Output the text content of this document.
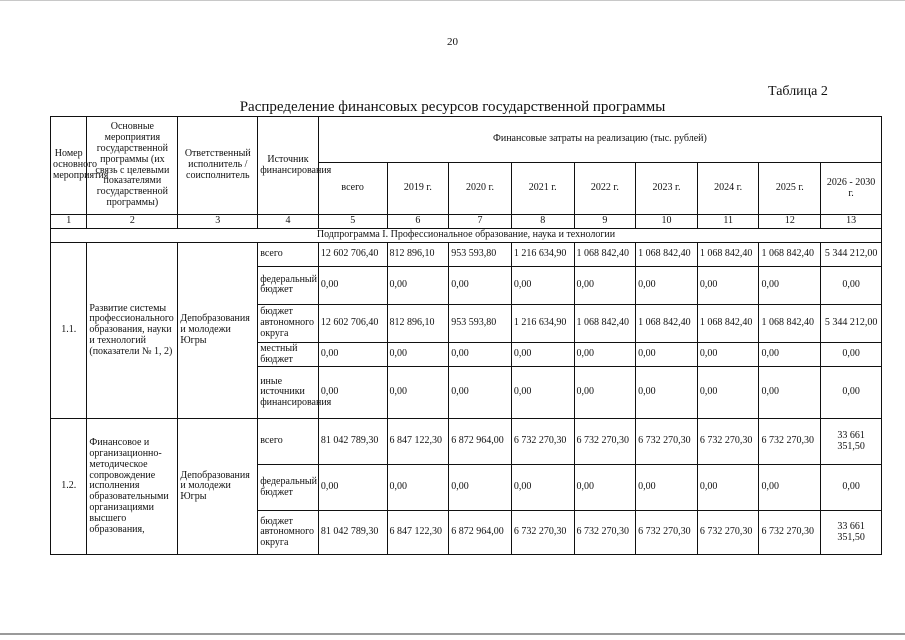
20
Таблица 2
Распределение финансовых ресурсов государственной программы
Номер основного мероприятия	Основные мероприятия государственной программы (их связь с целевыми показателями государственной программы)	Ответственный исполнитель / соисполнитель	Источник финансирования	Финансовые затраты на реализацию (тыс. рублей)								
				всего	2019 г.	2020 г.	2021 г.	2022 г.	2023 г.	2024 г.	2025 г.	2026 - 2030 г.
1	2	3	4	5	6	7	8	9	10	11	12	13
Подпрограмма I. Профессиональное образование, наука и технологии												
1.1.	Развитие системы профессионального образования, науки и технологий (показатели № 1, 2)	Депобразования и молодежи Югры	всего	12 602 706,40	812 896,10	953 593,80	1 216 634,90	1 068 842,40	1 068 842,40	1 068 842,40	1 068 842,40	5 344 212,00
			федеральный бюджет	0,00	0,00	0,00	0,00	0,00	0,00	0,00	0,00	0,00
			бюджет автономного округа	12 602 706,40	812 896,10	953 593,80	1 216 634,90	1 068 842,40	1 068 842,40	1 068 842,40	1 068 842,40	5 344 212,00
			местный бюджет	0,00	0,00	0,00	0,00	0,00	0,00	0,00	0,00	0,00
			иные источники финансирования	0,00	0,00	0,00	0,00	0,00	0,00	0,00	0,00	0,00
1.2.	Финансовое и организационно-методическое сопровождение исполнения образовательными организациями высшего образования,	Депобразования и молодежи Югры	всего	81 042 789,30	6 847 122,30	6 872 964,00	6 732 270,30	6 732 270,30	6 732 270,30	6 732 270,30	6 732 270,30	33 661 351,50
			федеральный бюджет	0,00	0,00	0,00	0,00	0,00	0,00	0,00	0,00	0,00
			бюджет автономного округа	81 042 789,30	6 847 122,30	6 872 964,00	6 732 270,30	6 732 270,30	6 732 270,30	6 732 270,30	6 732 270,30	33 661 351,50
